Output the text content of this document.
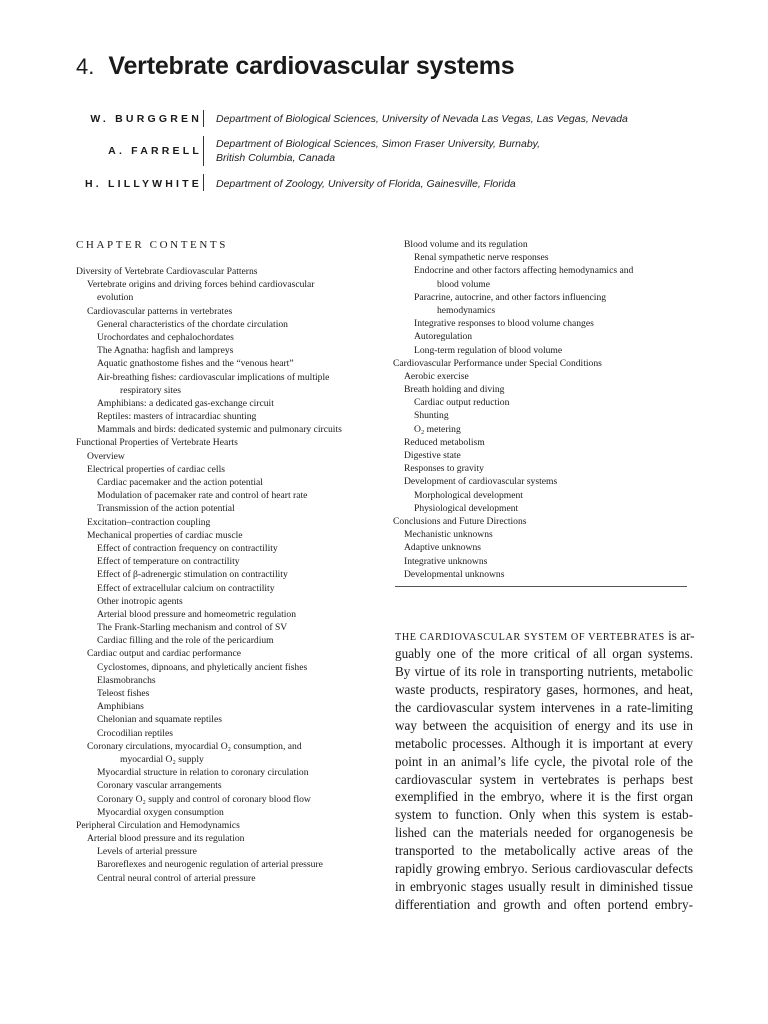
4. Vertebrate cardiovascular systems
W. BURGGREN
A. FARRELL
H. LILLYWHITE
Department of Biological Sciences, University of Nevada Las Vegas, Las Vegas, Nevada
Department of Biological Sciences, Simon Fraser University, Burnaby,
British Columbia, Canada
Department of Zoology, University of Florida, Gainesville, Florida
CHAPTER CONTENTS
Diversity of Vertebrate Cardiovascular Patterns
Vertebrate origins and driving forces behind cardiovascular
evolution
Cardiovascular patterns in vertebrates
General characteristics of the chordate circulation
Urochordates and cephalochordates
The Agnatha: hagfish and lampreys
Aquatic gnathostome fishes and the “venous heart”
Air-breathing fishes: cardiovascular implications of multiple
respiratory sites
Amphibians: a dedicated gas-exchange circuit
Reptiles: masters of intracardiac shunting
Mammals and birds: dedicated systemic and pulmonary circuits
Functional Properties of Vertebrate Hearts
Overview
Electrical properties of cardiac cells
Cardiac pacemaker and the action potential
Modulation of pacemaker rate and control of heart rate
Transmission of the action potential
Excitation–contraction coupling
Mechanical properties of cardiac muscle
Effect of contraction frequency on contractility
Effect of temperature on contractility
Effect of β-adrenergic stimulation on contractility
Effect of extracellular calcium on contractility
Other inotropic agents
Arterial blood pressure and homeometric regulation
The Frank-Starling mechanism and control of SV
Cardiac filling and the role of the pericardium
Cardiac output and cardiac performance
Cyclostomes, dipnoans, and phyletically ancient fishes
Elasmobranchs
Teleost fishes
Amphibians
Chelonian and squamate reptiles
Crocodilian reptiles
Coronary circulations, myocardial O₂ consumption, and
myocardial O₂ supply
Myocardial structure in relation to coronary circulation
Coronary vascular arrangements
Coronary O₂ supply and control of coronary blood flow
Myocardial oxygen consumption
Peripheral Circulation and Hemodynamics
Arterial blood pressure and its regulation
Levels of arterial pressure
Baroreflexes and neurogenic regulation of arterial pressure
Central neural control of arterial pressure
Blood volume and its regulation
Renal sympathetic nerve responses
Endocrine and other factors affecting hemodynamics and
blood volume
Paracrine, autocrine, and other factors influencing
hemodynamics
Integrative responses to blood volume changes
Autoregulation
Long-term regulation of blood volume
Cardiovascular Performance under Special Conditions
Aerobic exercise
Breath holding and diving
Cardiac output reduction
Shunting
O₂ metering
Reduced metabolism
Digestive state
Responses to gravity
Development of cardiovascular systems
Morphological development
Physiological development
Conclusions and Future Directions
Mechanistic unknowns
Adaptive unknowns
Integrative unknowns
Developmental unknowns
THE CARDIOVASCULAR SYSTEM OF VERTEBRATES is ar-
guably one of the more critical of all organ systems.
By virtue of its role in transporting nutrients, metabolic
waste products, respiratory gases, hormones, and heat,
the cardiovascular system intervenes in a rate-limiting
way between the acquisition of energy and its use in
metabolic processes. Although it is important at every
point in an animal’s life cycle, the pivotal role of the
cardiovascular system in vertebrates is perhaps best
exemplified in the embryo, where it is the first organ
system to function. Only when this system is estab-
lished can the materials needed for organogenesis be
transported to the metabolically active areas of the
rapidly growing embryo. Serious cardiovascular defects
in embryonic stages usually result in diminished tissue
differentiation and growth and often portend embry-
